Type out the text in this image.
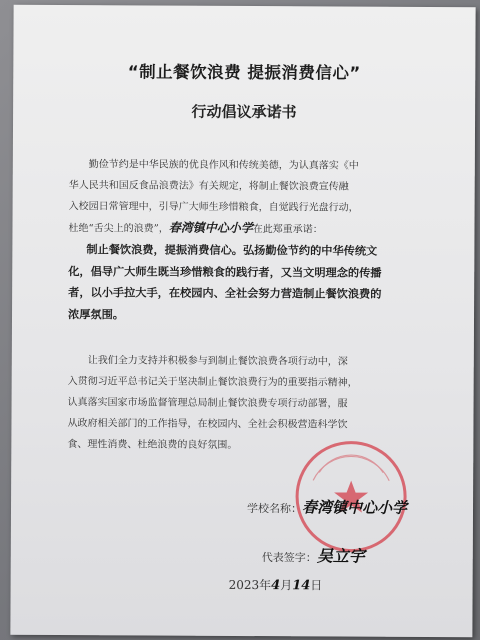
“制止餐饮浪费 提振消费信心”
行动倡议承诺书
  勤俭节约是中华民族的优良作风和传统美德，为认真落实《中
华人民共和国反食品浪费法》有关规定，将制止餐饮浪费宣传融
入校园日常管理中，引导广大师生珍惜粮食，自觉践行光盘行动，
杜绝“舌尖上的浪费”，春湾镇中心小学在此郑重承诺：
制止餐饮浪费，提振消费信心。弘扬勤俭节约的中华传统文
化，倡导广大师生既当珍惜粮食的践行者，又当文明理念的传播
者，以小手拉大手，在校园内、全社会努力营造制止餐饮浪费的
浓厚氛围。
  让我们全力支持并积极参与到制止餐饮浪费各项行动中，深
入贯彻习近平总书记关于坚决制止餐饮浪费行为的重要指示精神，
认真落实国家市场监督管理总局制止餐饮浪费专项行动部署，服
从政府相关部门的工作指导，在校园内、全社会积极营造科学饮
食、理性消费、杜绝浪费的良好氛围。
学校名称：春湾镇中心小学
代表签字：吴立宇
2023年4月14日
